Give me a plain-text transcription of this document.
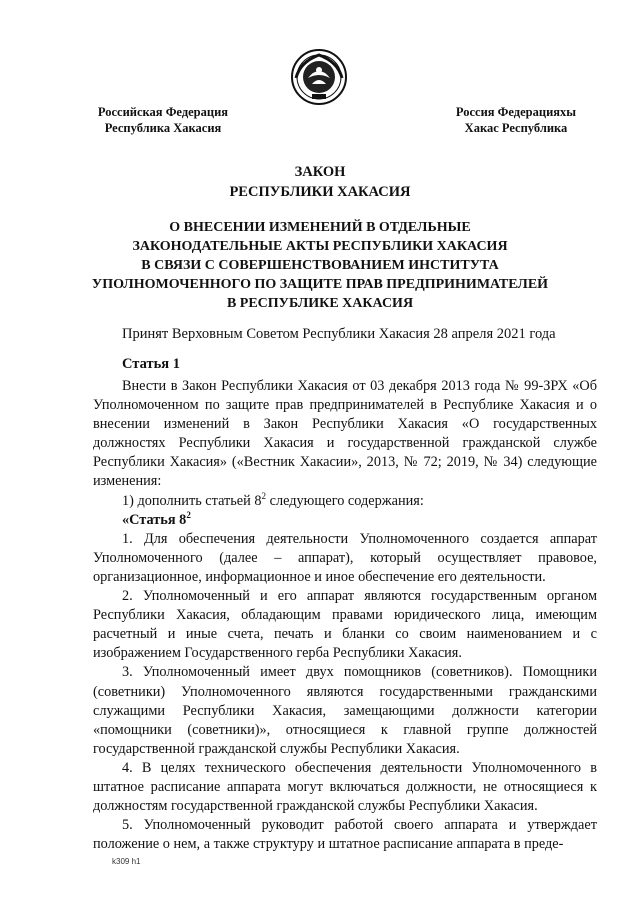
Российская Федерация
Республика Хакасия
Россия Федерацияхы
Хакас Республика
ЗАКОН
РЕСПУБЛИКИ ХАКАСИЯ
О ВНЕСЕНИИ ИЗМЕНЕНИЙ В ОТДЕЛЬНЫЕ
ЗАКОНОДАТЕЛЬНЫЕ АКТЫ РЕСПУБЛИКИ ХАКАСИЯ
В СВЯЗИ С СОВЕРШЕНСТВОВАНИЕМ ИНСТИТУТА
УПОЛНОМОЧЕННОГО ПО ЗАЩИТЕ ПРАВ ПРЕДПРИНИМАТЕЛЕЙ
В РЕСПУБЛИКЕ ХАКАСИЯ
Принят Верховным Советом Республики Хакасия 28 апреля 2021 года
Статья 1

Внести в Закон Республики Хакасия от 03 декабря 2013 года № 99-ЗРХ «Об Уполномоченном по защите прав предпринимателей в Республике Хакасия и о внесении изменений в Закон Республики Хакасия «О государственных должностях Республики Хакасия и государственной гражданской службе Республики Хакасия» («Вестник Хакасии», 2013, № 72; 2019, № 34) следующие изменения:

1) дополнить статьей $8^2$ следующего содержания:

«Статья $8^2$

1. Для обеспечения деятельности Уполномоченного создается аппарат Уполномоченного (далее – аппарат), который осуществляет правовое, организационное, информационное и иное обеспечение его деятельности.

2. Уполномоченный и его аппарат являются государственным органом Республики Хакасия, обладающим правами юридического лица, имеющим расчетный и иные счета, печать и бланки со своим наименованием и с изображением Государственного герба Республики Хакасия.

3. Уполномоченный имеет двух помощников (советников). Помощники (советники) Уполномоченного являются государственными гражданскими служащими Республики Хакасия, замещающими должности категории «помощники (советники)», относящиеся к главной группе должностей государственной гражданской службы Республики Хакасия.

4. В целях технического обеспечения деятельности Уполномоченного в штатное расписание аппарата могут включаться должности, не относящиеся к должностям государственной гражданской службы Республики Хакасия.

5. Уполномоченный руководит работой своего аппарата и утверждает положение о нем, а также структуру и штатное расписание аппарата в преде-

k309 h1
